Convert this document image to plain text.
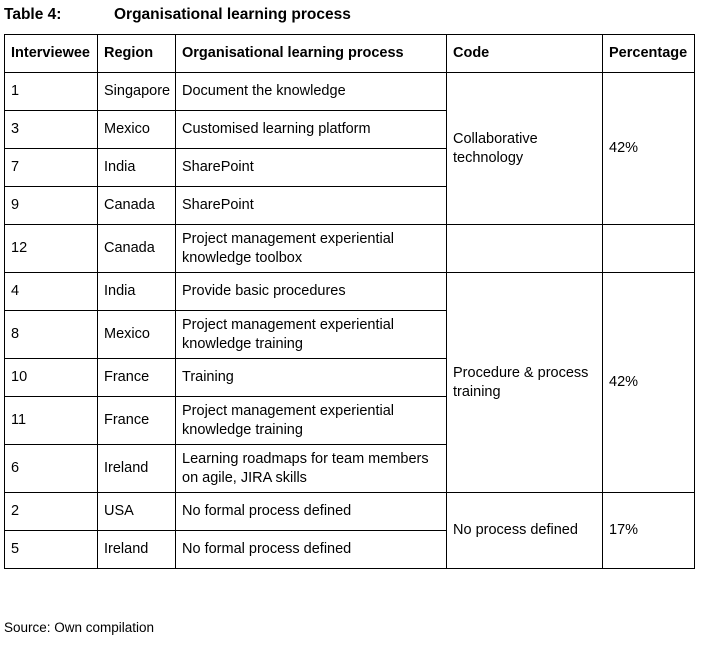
Table 4:	Organisational learning process
Interviewee	Region	Organisational learning process	Code	Percentage
1	Singapore	Document the knowledge	Collaborative technology	42%
3	Mexico	Customised learning platform		
7	India	SharePoint		
9	Canada	SharePoint		
12	Canada	Project management experiential knowledge toolbox		
4	India	Provide basic procedures	Procedure & process training	42%
8	Mexico	Project management experiential knowledge training		
10	France	Training		
11	France	Project management experiential knowledge training		
6	Ireland	Learning roadmaps for team members on agile, JIRA skills		
2	USA	No formal process defined	No process defined	17%
5	Ireland	No formal process defined		
Source: Own compilation
